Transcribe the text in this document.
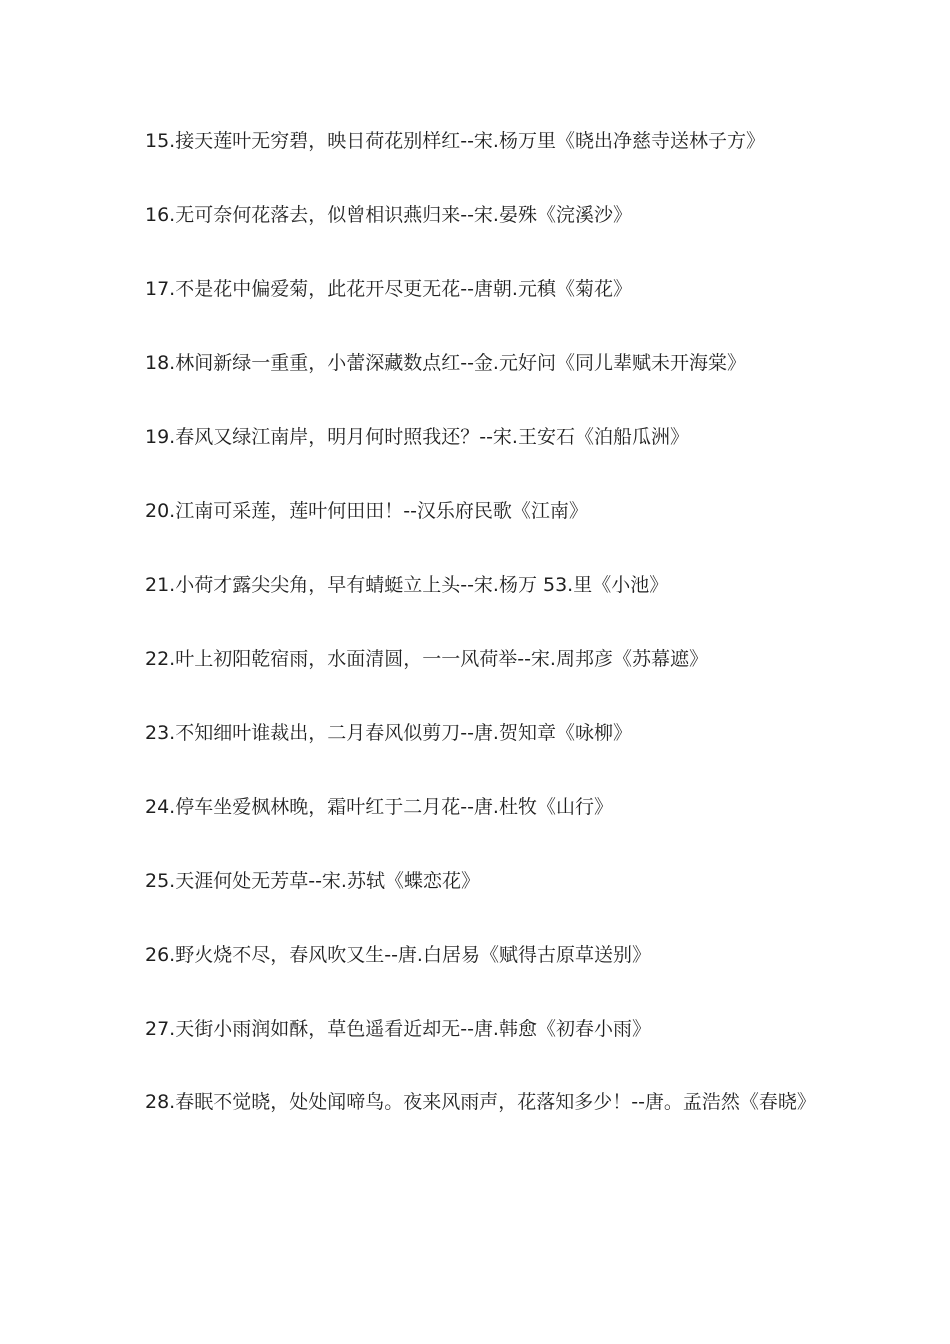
15.接天莲叶无穷碧，映日荷花别样红--宋.杨万里《晓出净慈寺送林子方》
16.无可奈何花落去，似曾相识燕归来--宋.晏殊《浣溪沙》
17.不是花中偏爱菊，此花开尽更无花--唐朝.元稹《菊花》
18.林间新绿一重重，小蕾深藏数点红--金.元好问《同儿辈赋未开海棠》
19.春风又绿江南岸，明月何时照我还？--宋.王安石《泊船瓜洲》
20.江南可采莲，莲叶何田田！--汉乐府民歌《江南》
21.小荷才露尖尖角，早有蜻蜓立上头--宋.杨万 53.里《小池》
22.叶上初阳乾宿雨，水面清圆，一一风荷举--宋.周邦彦《苏幕遮》
23.不知细叶谁裁出，二月春风似剪刀--唐.贺知章《咏柳》
24.停车坐爱枫林晚，霜叶红于二月花--唐.杜牧《山行》
25.天涯何处无芳草--宋.苏轼《蝶恋花》
26.野火烧不尽，春风吹又生--唐.白居易《赋得古原草送别》
27.天街小雨润如酥，草色遥看近却无--唐.韩愈《初春小雨》
28.春眠不觉晓，处处闻啼鸟。夜来风雨声，花落知多少！--唐。孟浩然《春晓》
